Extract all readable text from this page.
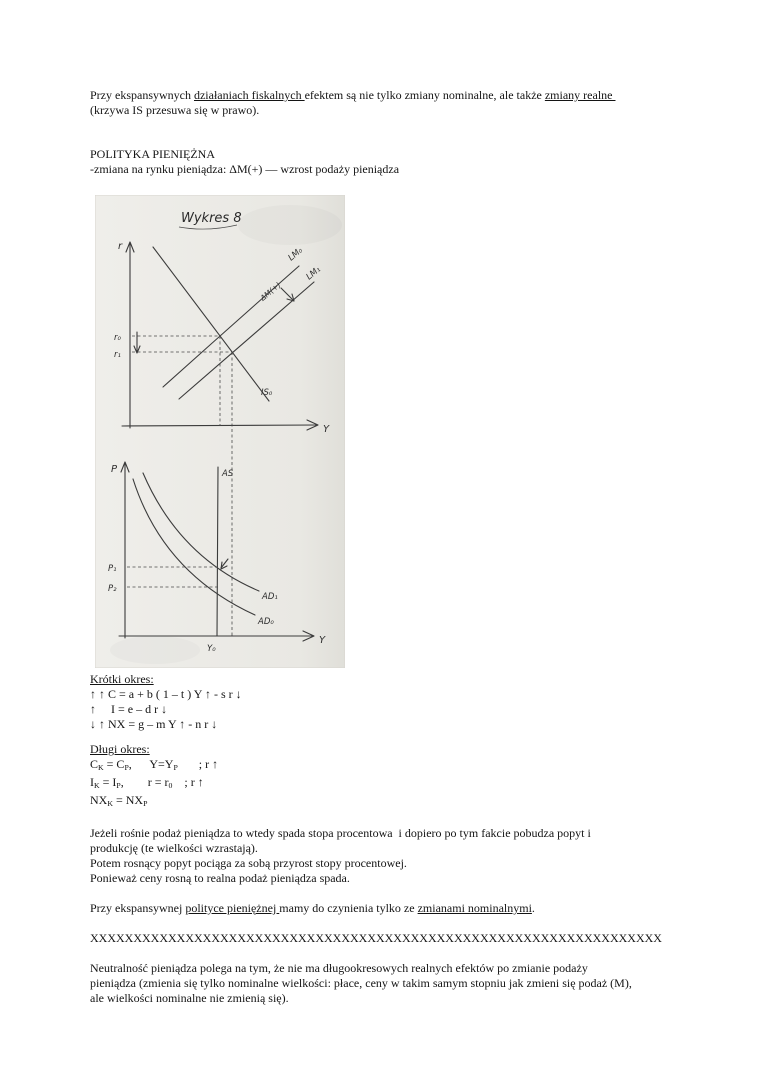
Przy ekspansywnych działaniach fiskalnych efektem są nie tylko zmiany nominalne, ale także zmiany realne
(krzywa IS przesuwa się w prawo).
POLITYKA PIENIĘŻNA
-zmiana na rynku pieniądza: ΔM(+) — wzrost podaży pieniądza
Wykres 8
r
Y
LM₀
LM₁
ΔM(+)
IS₀
r₀
r₁
P
Y
AS
AD₁
AD₀
P₁
P₂
Y₀
Krótki okres:
↑ ↑ C = a + b ( 1 – t ) Y ↑ - s r ↓
↑     I = e – d r ↓
↓ ↑ NX = g – m Y ↑ - n r ↓
Długi okres:
$C_K = C_P$,      $Y=Y_P$       ; r ↑
$I_K = I_P$,        $r = r_0$    ; r ↑
$NX_K = NX_P$
Jeżeli rośnie podaż pieniądza to wtedy spada stopa procentowa  i dopiero po tym fakcie pobudza popyt i
produkcję (te wielkości wzrastają).
Potem rosnący popyt pociąga za sobą przyrost stopy procentowej.
Ponieważ ceny rosną to realna podaż pieniądza spada.
Przy ekspansywnej polityce pieniężnej mamy do czynienia tylko ze zmianami nominalnymi.
XXXXXXXXXXXXXXXXXXXXXXXXXXXXXXXXXXXXXXXXXXXXXXXXXXXXXXXXXXXXXXXXXX
Neutralność pieniądza polega na tym, że nie ma długookresowych realnych efektów po zmianie podaży
pieniądza (zmienia się tylko nominalne wielkości: płace, ceny w takim samym stopniu jak zmieni się podaż (M),
ale wielkości nominalne nie zmienią się).
